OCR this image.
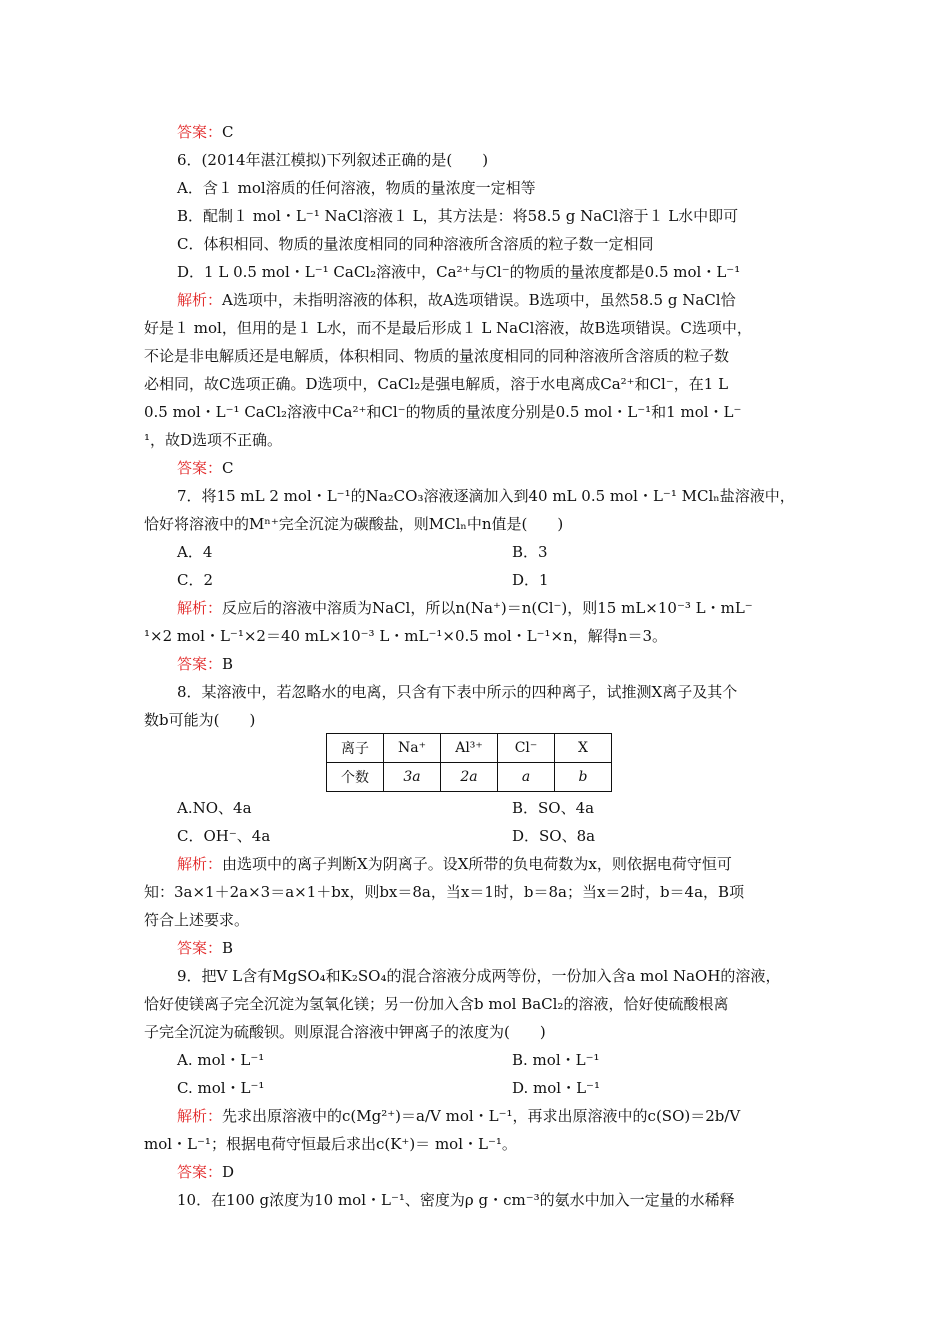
答案：C
6．(2014年湛江模拟)下列叙述正确的是(　　)
A．含１ mol溶质的任何溶液，物质的量浓度一定相等
B．配制１ mol・L⁻¹ NaCl溶液１ L，其方法是：将58.5 g NaCl溶于１ L水中即可
C．体积相同、物质的量浓度相同的同种溶液所含溶质的粒子数一定相同
D．1 L 0.5 mol・L⁻¹ CaCl₂溶液中，Ca²⁺与Cl⁻的物质的量浓度都是0.5 mol・L⁻¹
解析：A选项中，未指明溶液的体积，故A选项错误。B选项中，虽然58.5 g NaCl恰
好是１ mol，但用的是１ L水，而不是最后形成１ L NaCl溶液，故B选项错误。C选项中，
不论是非电解质还是电解质，体积相同、物质的量浓度相同的同种溶液所含溶质的粒子数
必相同，故C选项正确。D选项中，CaCl₂是强电解质，溶于水电离成Ca²⁺和Cl⁻，在1 L
0.5 mol・L⁻¹ CaCl₂溶液中Ca²⁺和Cl⁻的物质的量浓度分别是0.5 mol・L⁻¹和1 mol・L⁻
¹，故D选项不正确。
答案：C
7．将15 mL 2 mol・L⁻¹的Na₂CO₃溶液逐滴加入到40 mL 0.5 mol・L⁻¹ MClₙ盐溶液中，
恰好将溶液中的Mⁿ⁺完全沉淀为碳酸盐，则MClₙ中n值是(　　)
A．4	B．3
C．2	D．1
解析：反应后的溶液中溶质为NaCl，所以n(Na⁺)＝n(Cl⁻)，则15 mL×10⁻³ L・mL⁻
¹×2 mol・L⁻¹×2＝40 mL×10⁻³ L・mL⁻¹×0.5 mol・L⁻¹×n，解得n＝3。
答案：B
8．某溶液中，若忽略水的电离，只含有下表中所示的四种离子，试推测X离子及其个
数b可能为(　　)
离子	Na⁺	Al³⁺	Cl⁻	X
个数	3a	2a	a	b
A.NO、4a	B．SO、4a
C．OH⁻、4a	D．SO、8a
解析：由选项中的离子判断X为阴离子。设X所带的负电荷数为x，则依据电荷守恒可
知：3a×1＋2a×3＝a×1＋bx，则bx＝8a，当x＝1时，b＝8a；当x＝2时，b＝4a，B项
符合上述要求。
答案：B
9．把V L含有MgSO₄和K₂SO₄的混合溶液分成两等份，一份加入含a mol NaOH的溶液，
恰好使镁离子完全沉淀为氢氧化镁；另一份加入含b mol BaCl₂的溶液，恰好使硫酸根离
子完全沉淀为硫酸钡。则原混合溶液中钾离子的浓度为(　　)
A. mol・L⁻¹	B. mol・L⁻¹
C. mol・L⁻¹	D. mol・L⁻¹
解析：先求出原溶液中的c(Mg²⁺)＝a/V mol・L⁻¹，再求出原溶液中的c(SO)＝2b/V
mol・L⁻¹；根据电荷守恒最后求出c(K⁺)＝ mol・L⁻¹。
答案：D
10．在100 g浓度为10 mol・L⁻¹、密度为ρ g・cm⁻³的氨水中加入一定量的水稀释
